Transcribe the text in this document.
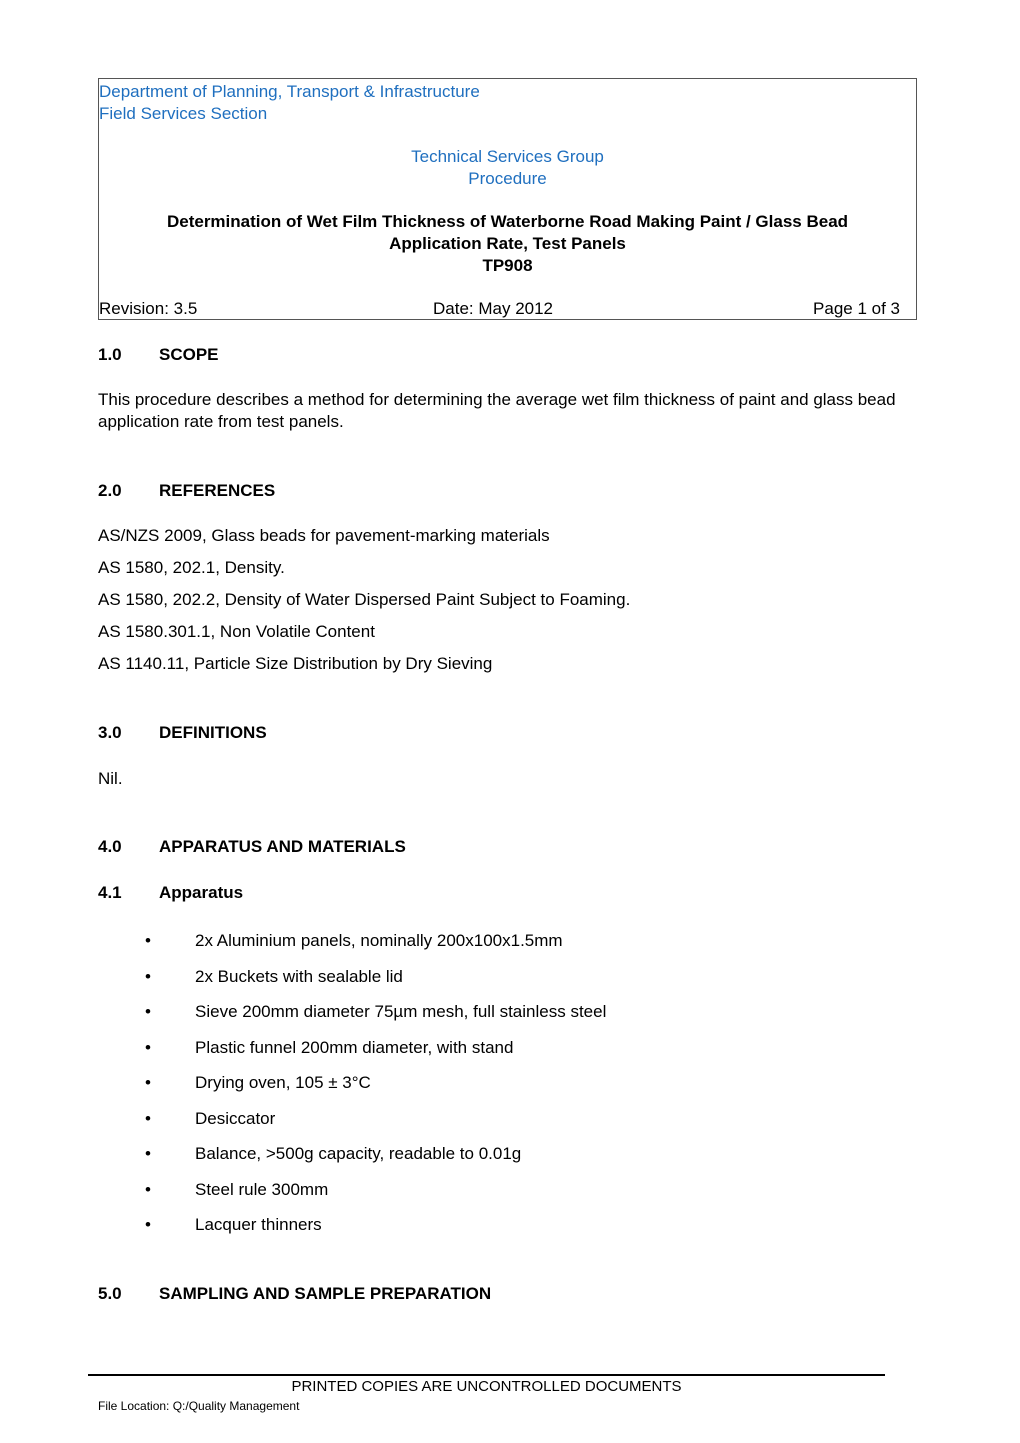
Department of Planning, Transport & Infrastructure
Field Services Section
Technical Services Group
Procedure
Determination of Wet Film Thickness of Waterborne Road Making Paint / Glass Bead
Application Rate, Test Panels
TP908
Revision: 3.5	Date: May 2012	Page 1 of 3
1.0 SCOPE
This procedure describes a method for determining the average wet film thickness of paint and glass bead application rate from test panels.
2.0 REFERENCES
AS/NZS 2009, Glass beads for pavement-marking materials
AS 1580, 202.1, Density.
AS 1580, 202.2, Density of Water Dispersed Paint Subject to Foaming.
AS 1580.301.1, Non Volatile Content
AS 1140.11, Particle Size Distribution by Dry Sieving
3.0 DEFINITIONS
Nil.
4.0 APPARATUS AND MATERIALS
4.1 Apparatus
•	2x Aluminium panels, nominally 200x100x1.5mm
•	2x Buckets with sealable lid
•	Sieve 200mm diameter 75µm mesh, full stainless steel
•	Plastic funnel 200mm diameter, with stand
•	Drying oven, 105 ± 3°C
•	Desiccator
•	Balance, >500g capacity, readable to 0.01g
•	Steel rule 300mm
•	Lacquer thinners
5.0 SAMPLING AND SAMPLE PREPARATION
PRINTED COPIES ARE UNCONTROLLED DOCUMENTS
File Location: Q:/Quality Management
